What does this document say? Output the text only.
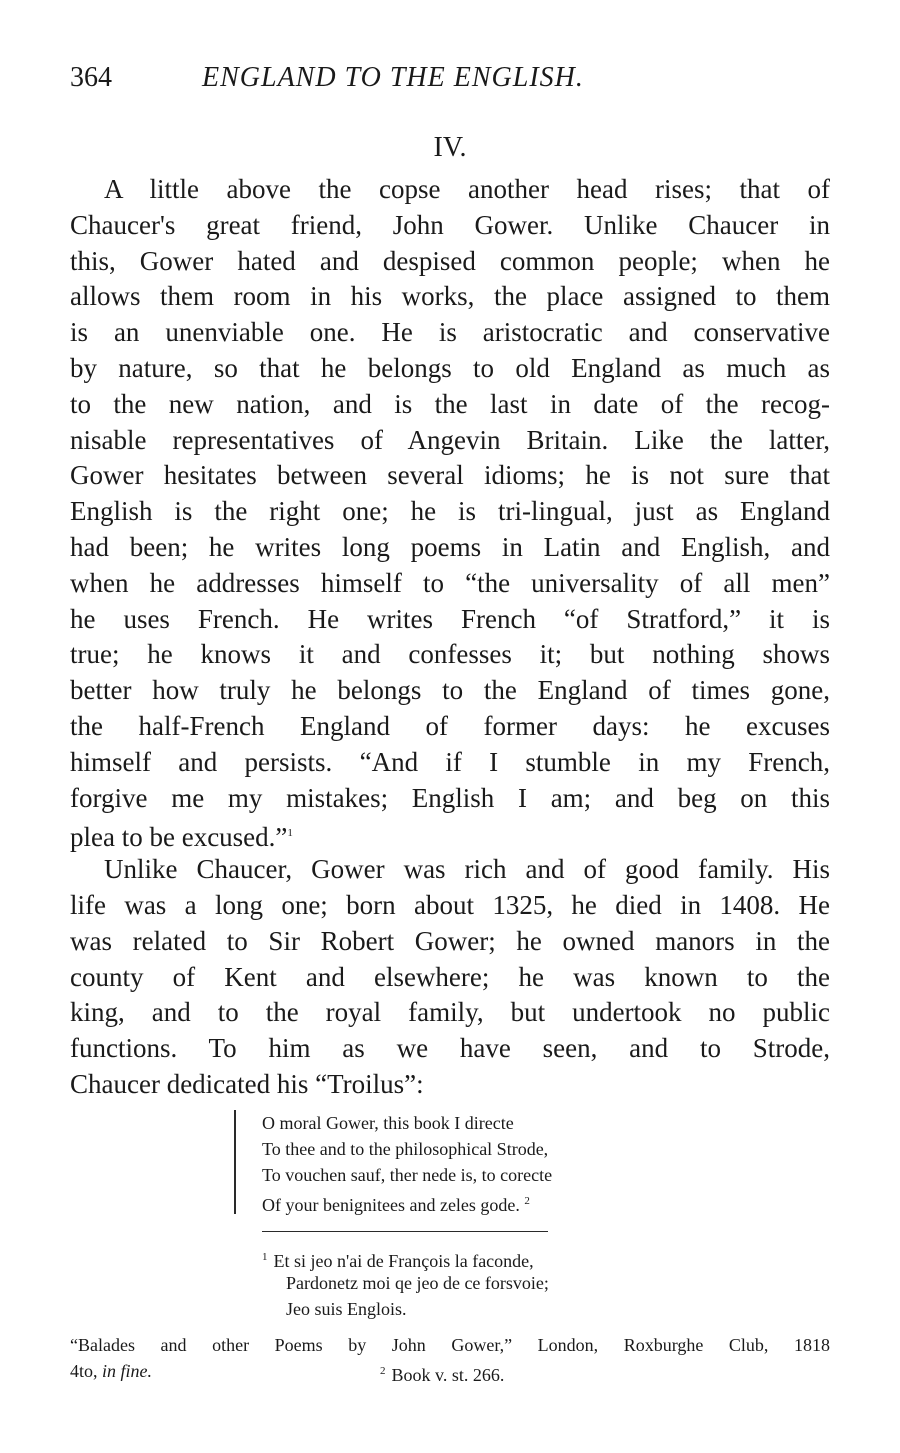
364	ENGLAND TO THE ENGLISH.
IV.
A little above the copse another head rises; that of
Chaucer's great friend, John Gower. Unlike Chaucer in
this, Gower hated and despised common people; when he
allows them room in his works, the place assigned to them
is an unenviable one. He is aristocratic and conservative
by nature, so that he belongs to old England as much as
to the new nation, and is the last in date of the recog-
nisable representatives of Angevin Britain. Like the latter,
Gower hesitates between several idioms; he is not sure that
English is the right one; he is tri-lingual, just as England
had been; he writes long poems in Latin and English, and
when he addresses himself to “the universality of all men”
he uses French. He writes French “of Stratford,” it is
true; he knows it and confesses it; but nothing shows
better how truly he belongs to the England of times gone,
the half-French England of former days: he excuses
himself and persists. “And if I stumble in my French,
forgive me my mistakes; English I am; and beg on this
plea to be excused.”$^1$
Unlike Chaucer, Gower was rich and of good family. His
life was a long one; born about 1325, he died in 1408. He
was related to Sir Robert Gower; he owned manors in the
county of Kent and elsewhere; he was known to the
king, and to the royal family, but undertook no public
functions. To him as we have seen, and to Strode,
Chaucer dedicated his “Troilus”:
O moral Gower, this book I directe
To thee and to the philosophical Strode,
To vouchen sauf, ther nede is, to corecte
Of your benignitees and zeles gode. $^2$
$^1$ Et si jeo n'ai de François la faconde,
Pardonetz moi qe jeo de ce forsvoie;
Jeo suis Englois.
“Balades and other Poems by John Gower,” London, Roxburghe Club, 1818
4to, in fine.	$^2$ Book v. st. 266.
